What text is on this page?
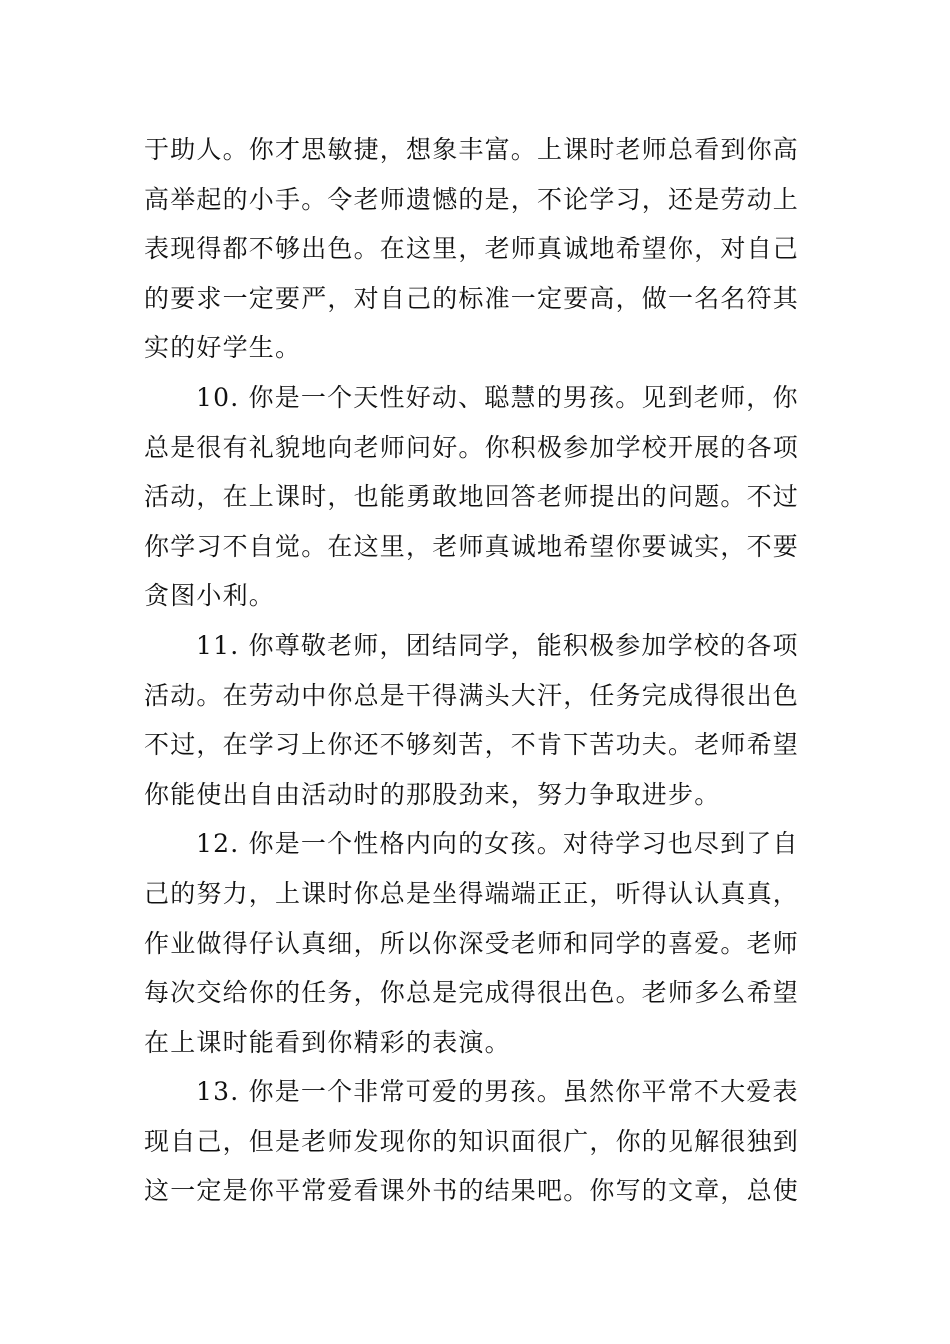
于助人。你才思敏捷，想象丰富。上课时老师总看到你高
高举起的小手。令老师遗憾的是，不论学习，还是劳动上
表现得都不够出色。在这里，老师真诚地希望你，对自己
的要求一定要严，对自己的标准一定要高，做一名名符其
实的好学生。
10. 你是一个天性好动、聪慧的男孩。见到老师，你
总是很有礼貌地向老师问好。你积极参加学校开展的各项
活动，在上课时，也能勇敢地回答老师提出的问题。不过
你学习不自觉。在这里，老师真诚地希望你要诚实，不要
贪图小利。
11. 你尊敬老师，团结同学，能积极参加学校的各项
活动。在劳动中你总是干得满头大汗，任务完成得很出色
不过，在学习上你还不够刻苦，不肯下苦功夫。老师希望
你能使出自由活动时的那股劲来，努力争取进步。
12. 你是一个性格内向的女孩。对待学习也尽到了自
己的努力，上课时你总是坐得端端正正，听得认认真真，
作业做得仔认真细，所以你深受老师和同学的喜爱。老师
每次交给你的任务，你总是完成得很出色。老师多么希望
在上课时能看到你精彩的表演。
13. 你是一个非常可爱的男孩。虽然你平常不大爱表
现自己，但是老师发现你的知识面很广，你的见解很独到
这一定是你平常爱看课外书的结果吧。你写的文章，总使
